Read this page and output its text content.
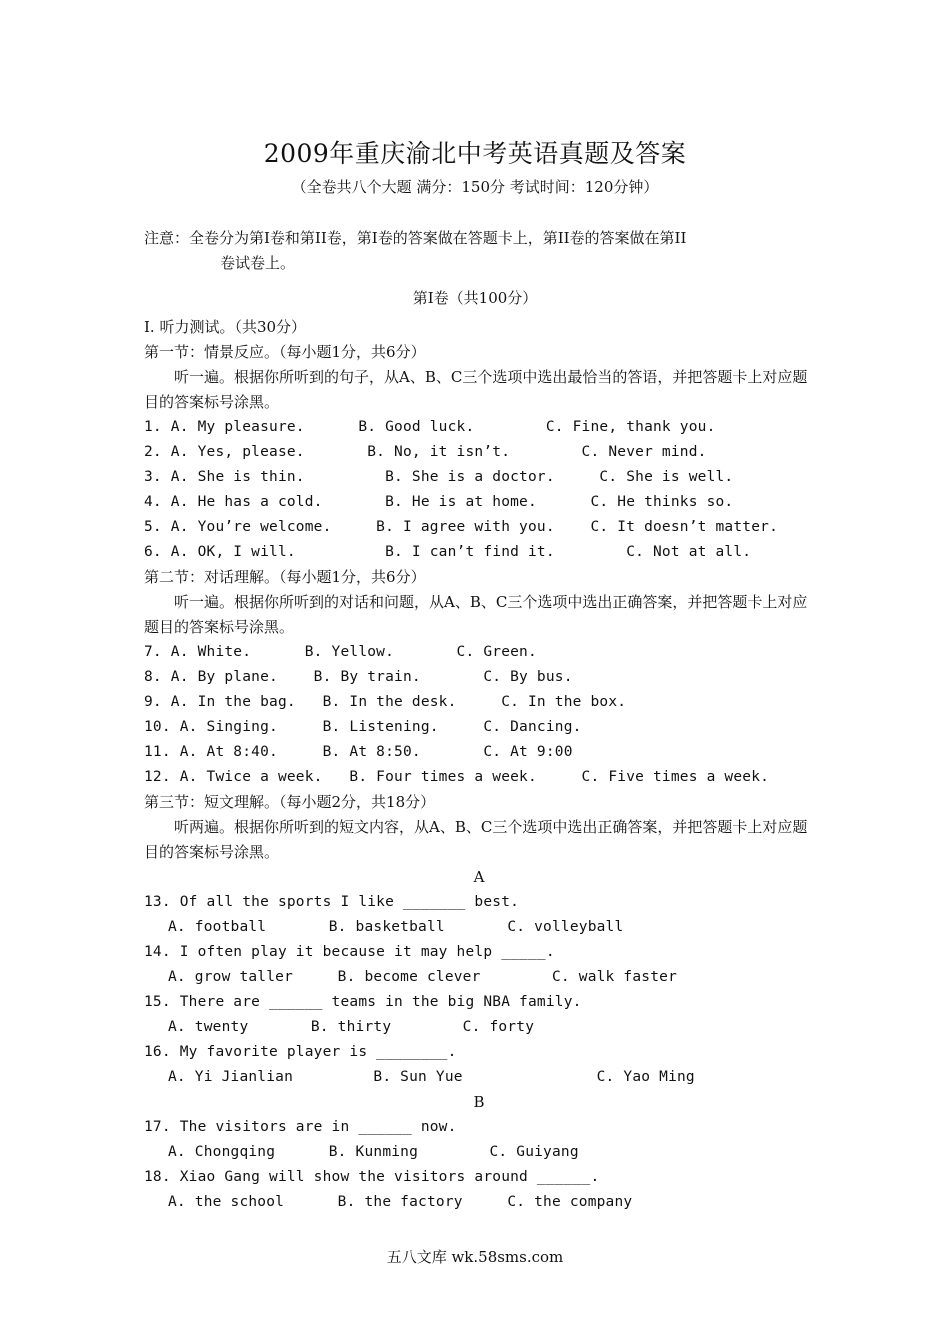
2009年重庆渝北中考英语真题及答案
（全卷共八个大题 满分：150分 考试时间：120分钟）
注意：全卷分为第I卷和第II卷，第I卷的答案做在答题卡上，第II卷的答案做在第II
卷试卷上。
第I卷（共100分）
I. 听力测试。（共30分）
第一节：情景反应。（每小题1分，共6分）
听一遍。根据你所听到的句子，从A、B、C三个选项中选出最恰当的答语，并把答题卡上对应题目的答案标号涂黑。
1. A. My pleasure.      B. Good luck.        C. Fine, thank you.
2. A. Yes, please.       B. No, it isn’t.        C. Never mind.
3. A. She is thin.         B. She is a doctor.     C. She is well.
4. A. He has a cold.       B. He is at home.      C. He thinks so.
5. A. You’re welcome.     B. I agree with you.    C. It doesn’t matter.
6. A. OK, I will.          B. I can’t find it.        C. Not at all.
第二节：对话理解。（每小题1分，共6分）
听一遍。根据你所听到的对话和问题，从A、B、C三个选项中选出正确答案，并把答题卡上对应题目的答案标号涂黑。
7. A. White.      B. Yellow.       C. Green.
8. A. By plane.    B. By train.       C. By bus.
9. A. In the bag.   B. In the desk.     C. In the box.
10. A. Singing.     B. Listening.     C. Dancing.
11. A. At 8:40.     B. At 8:50.       C. At 9:00
12. A. Twice a week.   B. Four times a week.     C. Five times a week.
第三节：短文理解。（每小题2分，共18分）
听两遍。根据你所听到的短文内容，从A、B、C三个选项中选出正确答案，并把答题卡上对应题目的答案标号涂黑。
A
13. Of all the sports I like _______ best.
A. football       B. basketball       C. volleyball
14. I often play it because it may help _____.
A. grow taller     B. become clever        C. walk faster
15. There are ______ teams in the big NBA family.
A. twenty       B. thirty        C. forty
16. My favorite player is ________.
A. Yi Jianlian         B. Sun Yue               C. Yao Ming
B
17. The visitors are in ______ now.
A. Chongqing      B. Kunming        C. Guiyang
18. Xiao Gang will show the visitors around ______.
A. the school      B. the factory     C. the company
五八文库 wk.58sms.com
